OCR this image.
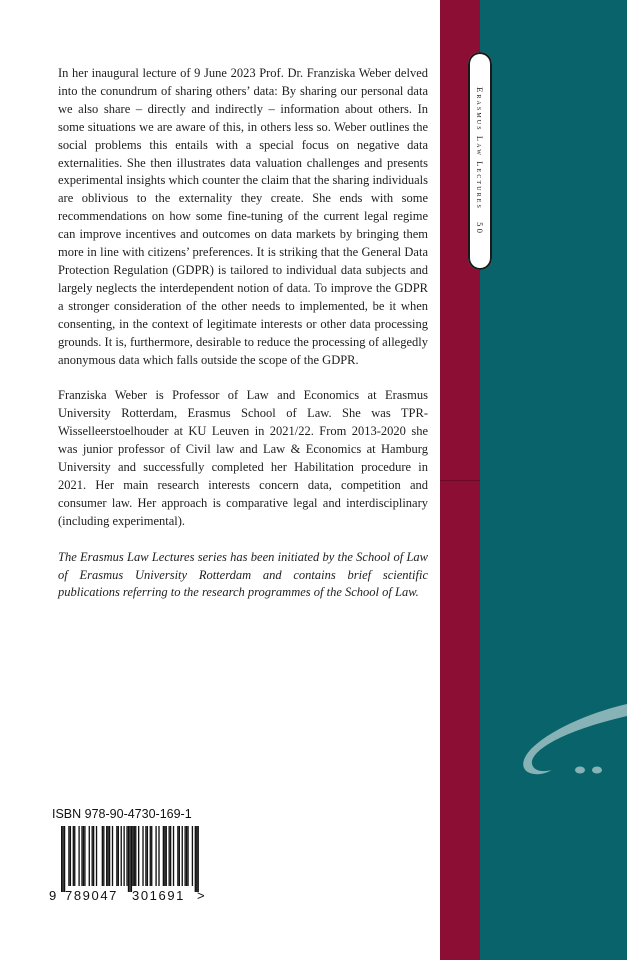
Erasmus Law Lectures 50

In her inaugural lecture of 9 June 2023 Prof. Dr. Franziska Weber delved into the conundrum of sharing others’ data: By sharing our personal data we also share – directly and indirectly – information about others. In some situations we are aware of this, in others less so. Weber outlines the social problems this entails with a special focus on negative data externalities. She then illustrates data valuation challenges and presents experimental insights which counter the claim that the sharing individuals are oblivious to the externality they create. She ends with some recommendations on how some fine-tuning of the current legal regime can improve incentives and outcomes on data markets by bringing them more in line with citizens’ preferences. It is striking that the General Data Protection Regulation (GDPR) is tailored to individual data subjects and largely neglects the interdependent notion of data. To improve the GDPR a stronger consideration of the other needs to implemented, be it when consenting, in the context of legitimate interests or other data processing grounds. It is, furthermore, desirable to reduce the processing of allegedly anonymous data which falls outside the scope of the GDPR.

Franziska Weber is Professor of Law and Economics at Erasmus University Rotterdam, Erasmus School of Law. She was TPR-Wisselleerstoelhouder at KU Leuven in 2021/22. From 2013-2020 she was junior professor of Civil law and Law & Economics at Hamburg University and successfully completed her Habilitation procedure in 2021. Her main research interests concern data, competition and consumer law. Her approach is comparative legal and interdisciplinary (including experimental).

The Erasmus Law Lectures series has been initiated by the School of Law of Erasmus University Rotterdam and contains brief scientific publications referring to the research programmes of the School of Law.

ISBN 978-90-4730-169-1
9 789047 301691 >
